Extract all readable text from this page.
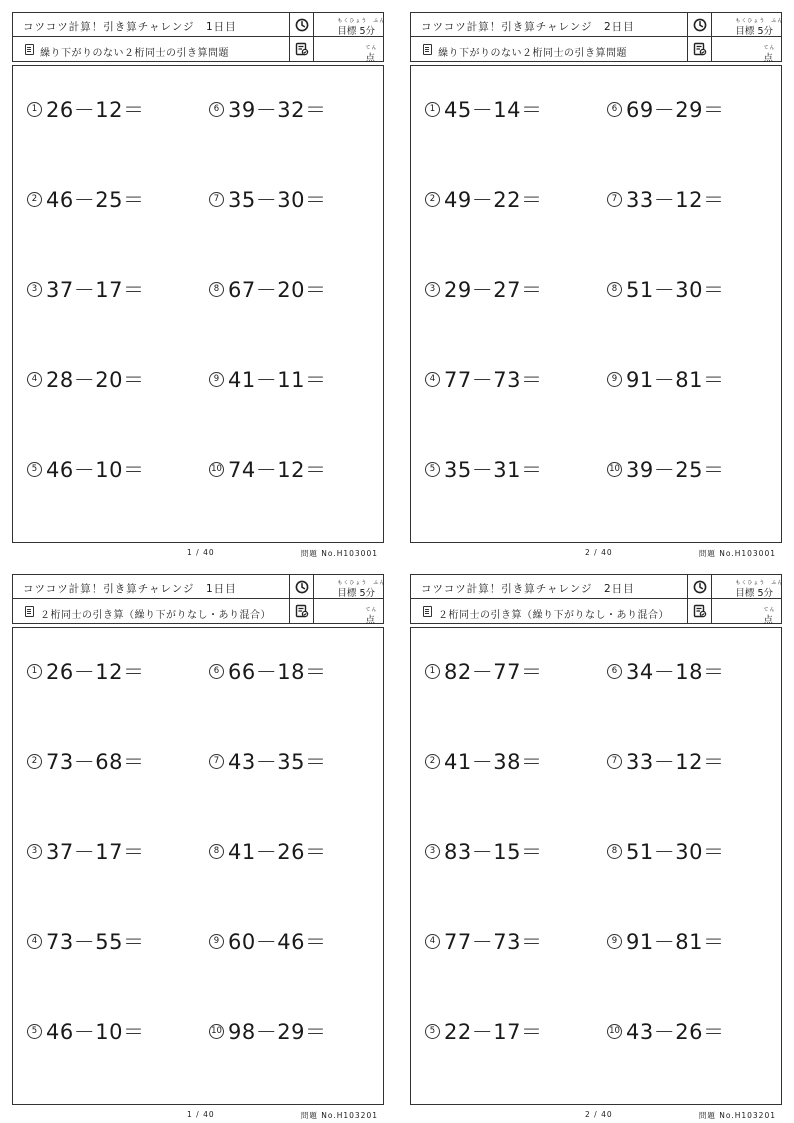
コツコツ計算！引き算チャレンジ　1日目	もくひょう　ふん
目標 5分
繰り下がりのない２桁同士の引き算問題	てん
点
1 26－12＝
2 46－25＝
3 37－17＝
4 28－20＝
5 46－10＝
6 39－32＝
7 35－30＝
8 67－20＝
9 41－11＝
10 74－12＝
1 / 40	問題 No.H103001
コツコツ計算！引き算チャレンジ　2日目	もくひょう　ふん
目標 5分
繰り下がりのない２桁同士の引き算問題	てん
点
1 45－14＝
2 49－22＝
3 29－27＝
4 77－73＝
5 35－31＝
6 69－29＝
7 33－12＝
8 51－30＝
9 91－81＝
10 39－25＝
2 / 40	問題 No.H103001
コツコツ計算！引き算チャレンジ　1日目	もくひょう　ふん
目標 5分
２桁同士の引き算（繰り下がりなし・あり混合）	てん
点
1 26－12＝
2 73－68＝
3 37－17＝
4 73－55＝
5 46－10＝
6 66－18＝
7 43－35＝
8 41－26＝
9 60－46＝
10 98－29＝
1 / 40	問題 No.H103201
コツコツ計算！引き算チャレンジ　2日目	もくひょう　ふん
目標 5分
２桁同士の引き算（繰り下がりなし・あり混合）	てん
点
1 82－77＝
2 41－38＝
3 83－15＝
4 77－73＝
5 22－17＝
6 34－18＝
7 33－12＝
8 51－30＝
9 91－81＝
10 43－26＝
2 / 40	問題 No.H103201
